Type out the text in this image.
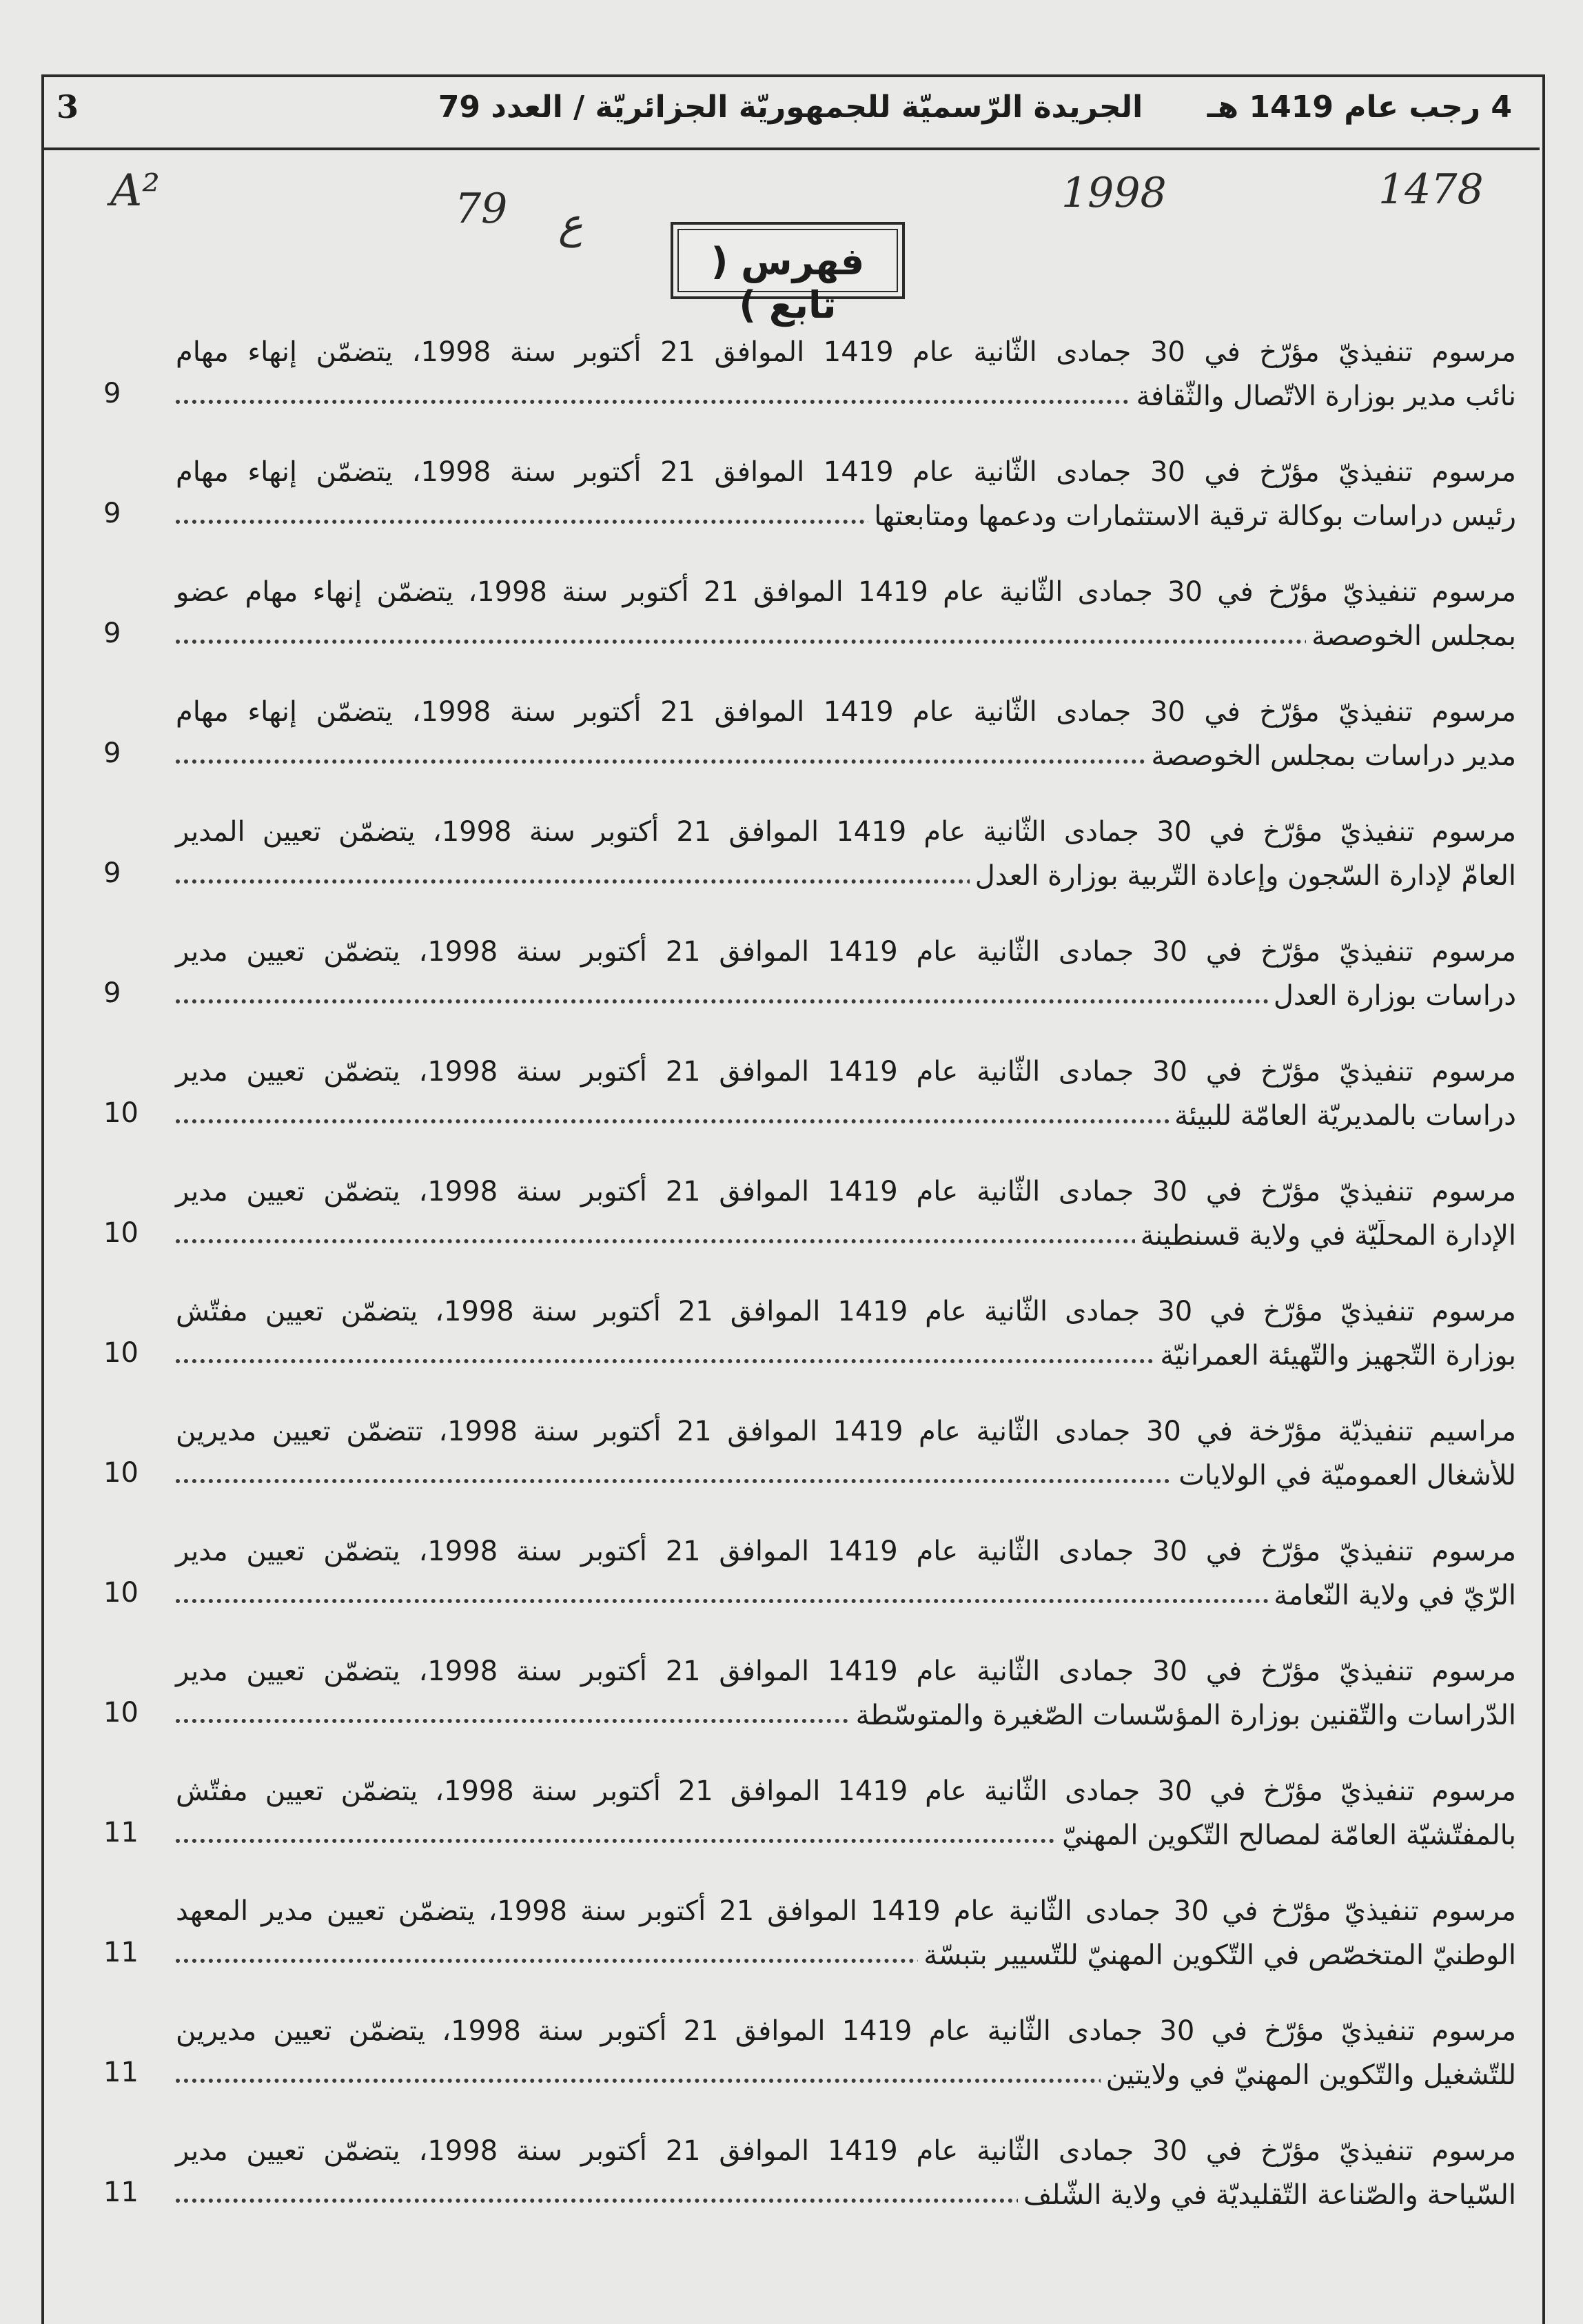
4 رجب عام 1419 هـ
الجريدة الرّسميّة للجمهوريّة الجزائريّة / العدد 79
3
A²	79 ع
1998	1478
فهرس ( تابع )
مرسوم تنفيذيّ مؤرّخ في 30 جمادى الثّانية عام 1419 الموافق 21 أكتوبر سنة 1998، يتضمّن إنهاء مهام
نائب مدير بوزارة الاتّصال والثّقافة
9
مرسوم تنفيذيّ مؤرّخ في 30 جمادى الثّانية عام 1419 الموافق 21 أكتوبر سنة 1998، يتضمّن إنهاء مهام
رئيس دراسات بوكالة ترقية الاستثمارات ودعمها ومتابعتها
9
مرسوم تنفيذيّ مؤرّخ في 30 جمادى الثّانية عام 1419 الموافق 21 أكتوبر سنة 1998، يتضمّن إنهاء مهام عضو
بمجلس الخوصصة
9
مرسوم تنفيذيّ مؤرّخ في 30 جمادى الثّانية عام 1419 الموافق 21 أكتوبر سنة 1998، يتضمّن إنهاء مهام
مدير دراسات بمجلس الخوصصة
9
مرسوم تنفيذيّ مؤرّخ في 30 جمادى الثّانية عام 1419 الموافق 21 أكتوبر سنة 1998، يتضمّن تعيين المدير
العامّ لإدارة السّجون وإعادة التّربية بوزارة العدل
9
مرسوم تنفيذيّ مؤرّخ في 30 جمادى الثّانية عام 1419 الموافق 21 أكتوبر سنة 1998، يتضمّن تعيين مدير
دراسات بوزارة العدل
9
مرسوم تنفيذيّ مؤرّخ في 30 جمادى الثّانية عام 1419 الموافق 21 أكتوبر سنة 1998، يتضمّن تعيين مدير
دراسات بالمديريّة العامّة للبيئة
10
مرسوم تنفيذيّ مؤرّخ في 30 جمادى الثّانية عام 1419 الموافق 21 أكتوبر سنة 1998، يتضمّن تعيين مدير
الإدارة المحلّيّة في ولاية قسنطينة
10
مرسوم تنفيذيّ مؤرّخ في 30 جمادى الثّانية عام 1419 الموافق 21 أكتوبر سنة 1998، يتضمّن تعيين مفتّش
بوزارة التّجهيز والتّهيئة العمرانيّة
10
مراسيم تنفيذيّة مؤرّخة في 30 جمادى الثّانية عام 1419 الموافق 21 أكتوبر سنة 1998، تتضمّن تعيين مديرين
للأشغال العموميّة في الولايات
10
مرسوم تنفيذيّ مؤرّخ في 30 جمادى الثّانية عام 1419 الموافق 21 أكتوبر سنة 1998، يتضمّن تعيين مدير
الرّيّ في ولاية النّعامة
10
مرسوم تنفيذيّ مؤرّخ في 30 جمادى الثّانية عام 1419 الموافق 21 أكتوبر سنة 1998، يتضمّن تعيين مدير
الدّراسات والتّقنين بوزارة المؤسّسات الصّغيرة والمتوسّطة
10
مرسوم تنفيذيّ مؤرّخ في 30 جمادى الثّانية عام 1419 الموافق 21 أكتوبر سنة 1998، يتضمّن تعيين مفتّش
بالمفتّشيّة العامّة لمصالح التّكوين المهنيّ
11
مرسوم تنفيذيّ مؤرّخ في 30 جمادى الثّانية عام 1419 الموافق 21 أكتوبر سنة 1998، يتضمّن تعيين مدير المعهد
الوطنيّ المتخصّص في التّكوين المهنيّ للتّسيير بتبسّة
11
مرسوم تنفيذيّ مؤرّخ في 30 جمادى الثّانية عام 1419 الموافق 21 أكتوبر سنة 1998، يتضمّن تعيين مديرين
للتّشغيل والتّكوين المهنيّ في ولايتين
11
مرسوم تنفيذيّ مؤرّخ في 30 جمادى الثّانية عام 1419 الموافق 21 أكتوبر سنة 1998، يتضمّن تعيين مدير
السّياحة والصّناعة التّقليديّة في ولاية الشّلف
11
